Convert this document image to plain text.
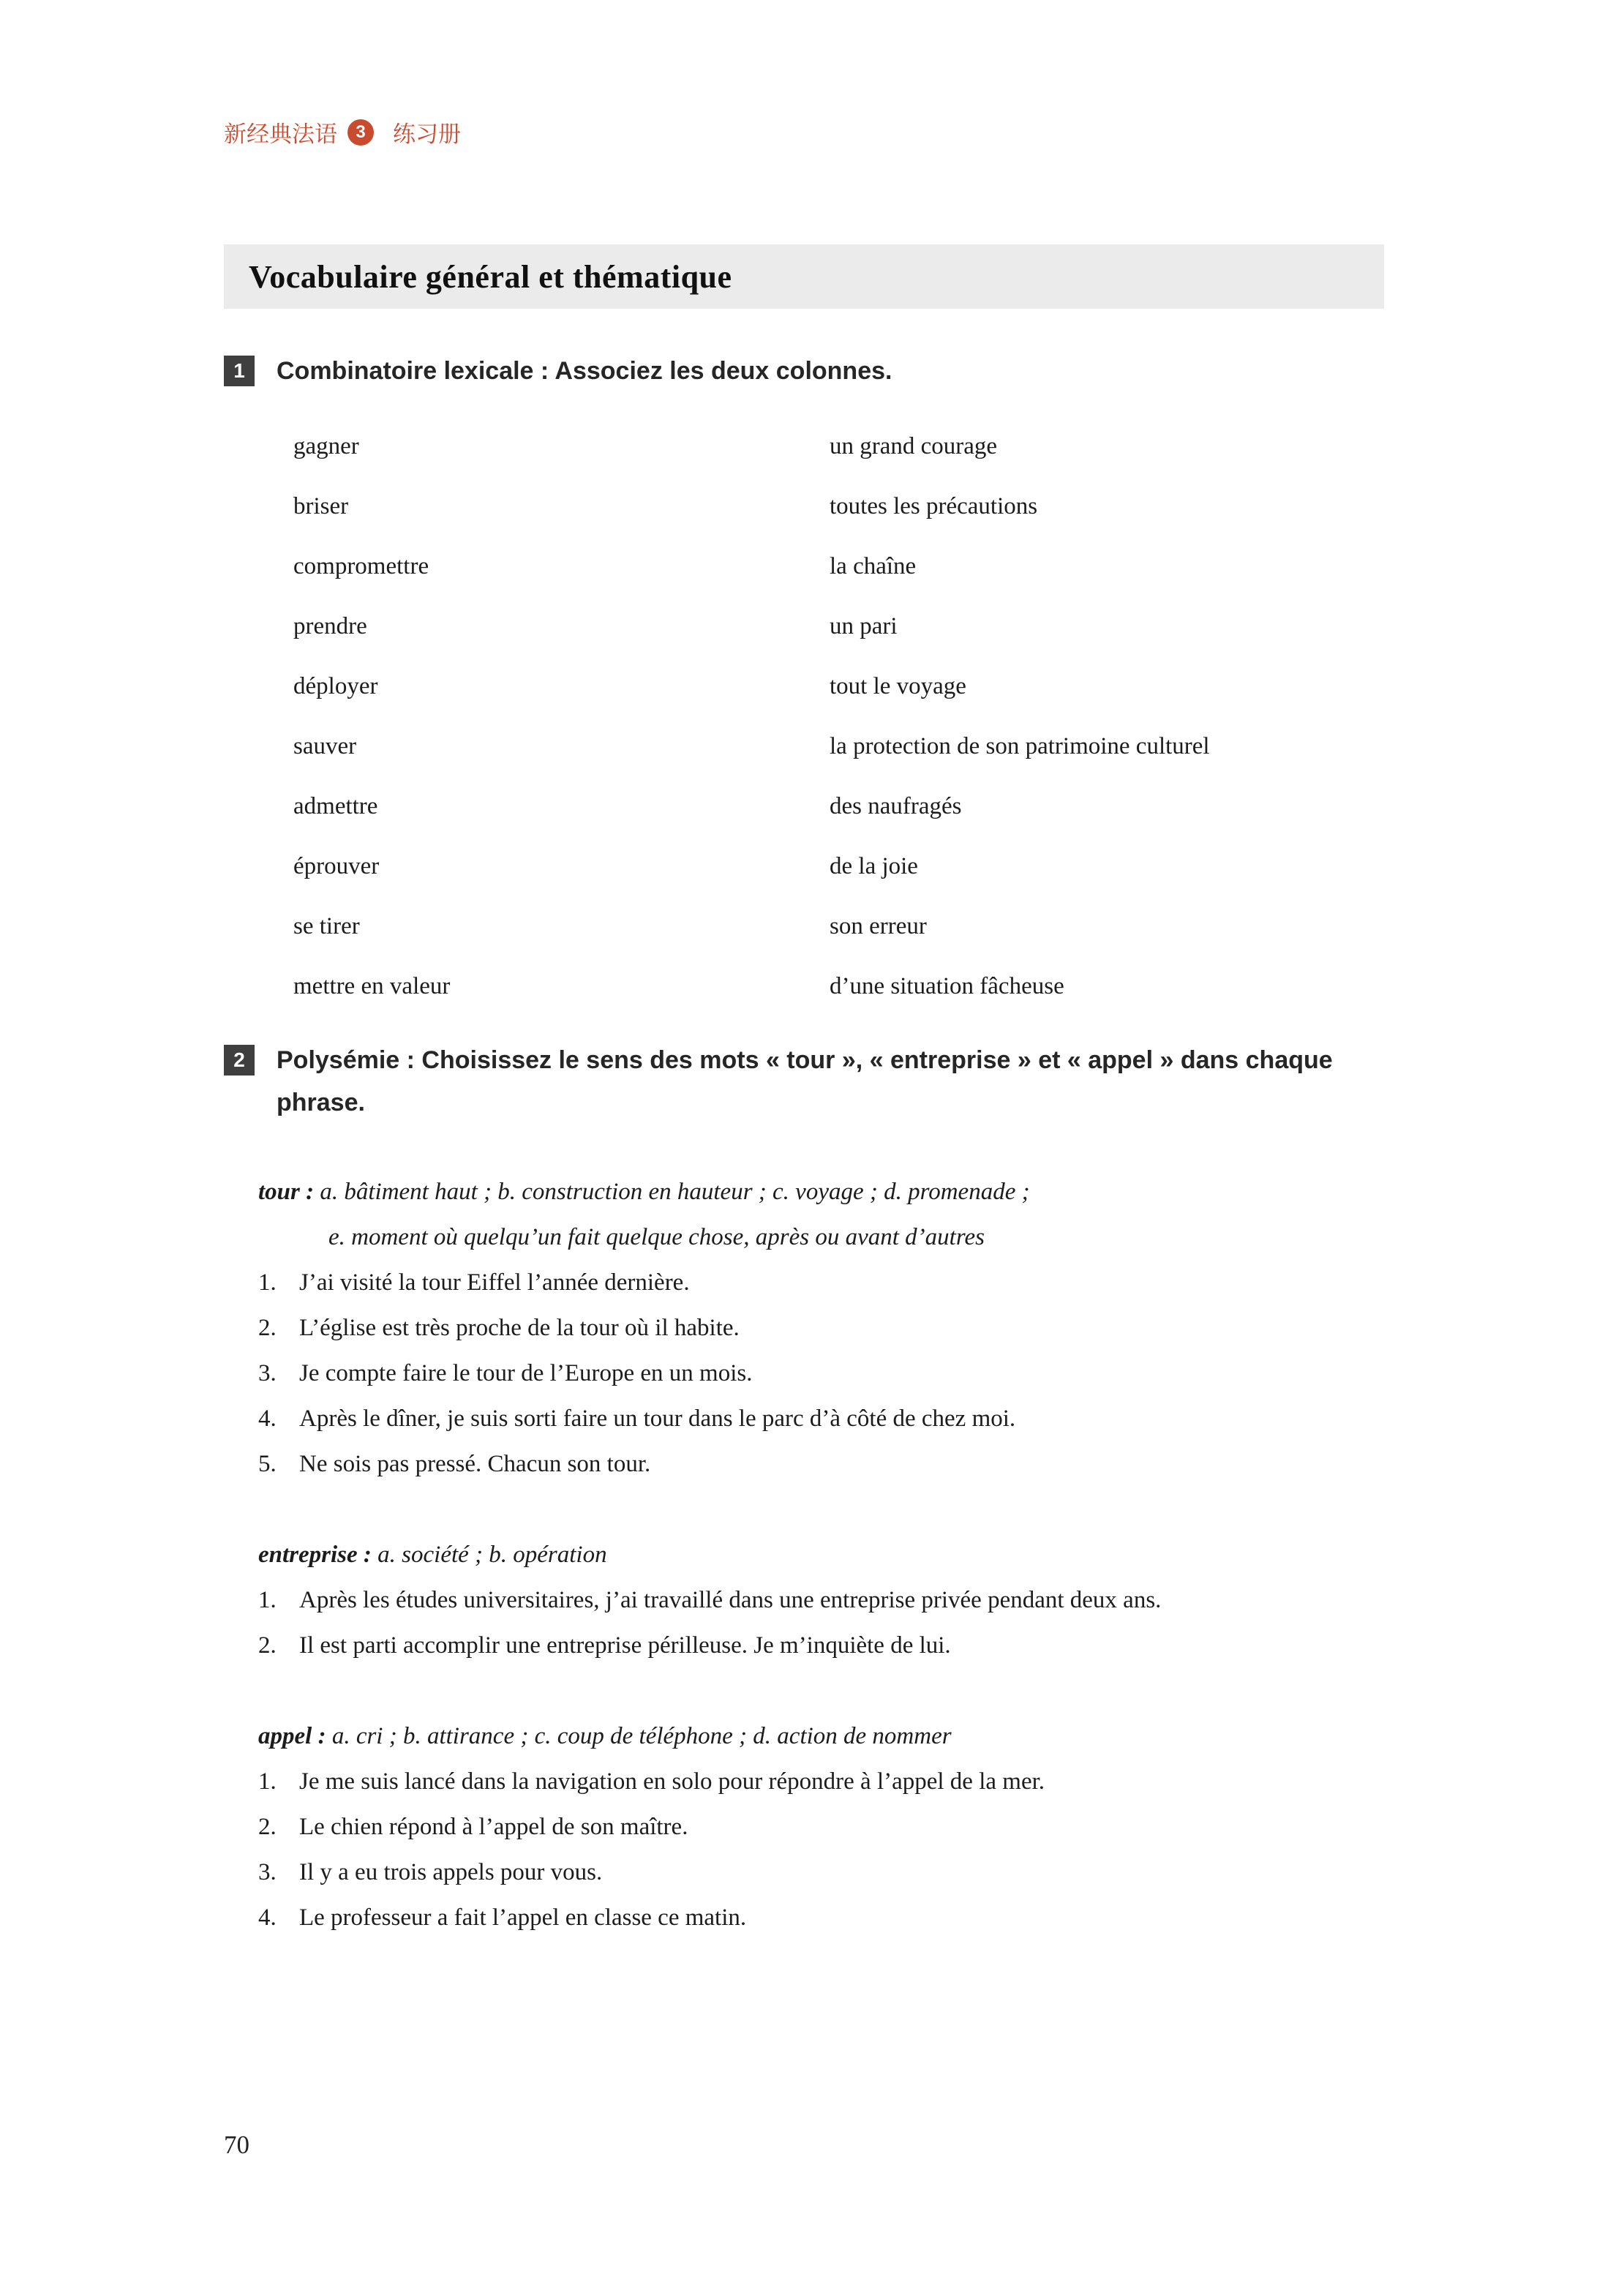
新经典法语	3	练习册
Vocabulaire général et thématique
1	Combinatoire lexicale : Associez les deux colonnes.
gagner	un grand courage
briser	toutes les précautions
compromettre	la chaîne
prendre	un pari
déployer	tout le voyage
sauver	la protection de son patrimoine culturel
admettre	des naufragés
éprouver	de la joie
se tirer	son erreur
mettre en valeur	d’une situation fâcheuse
2	Polysémie : Choisissez le sens des mots « tour », « entreprise » et « appel » dans chaque phrase.
tour : a. bâtiment haut ; b. construction en hauteur ; c. voyage ; d. promenade ;
e. moment où quelqu’un fait quelque chose, après ou avant d’autres
1. J’ai visité la tour Eiffel l’année dernière.
2. L’église est très proche de la tour où il habite.
3. Je compte faire le tour de l’Europe en un mois.
4. Après le dîner, je suis sorti faire un tour dans le parc d’à côté de chez moi.
5. Ne sois pas pressé. Chacun son tour.
entreprise : a. société ; b. opération
1. Après les études universitaires, j’ai travaillé dans une entreprise privée pendant deux ans.
2. Il est parti accomplir une entreprise périlleuse. Je m’inquiète de lui.
appel : a. cri ; b. attirance ; c. coup de téléphone ; d. action de nommer
1. Je me suis lancé dans la navigation en solo pour répondre à l’appel de la mer.
2. Le chien répond à l’appel de son maître.
3. Il y a eu trois appels pour vous.
4. Le professeur a fait l’appel en classe ce matin.
70
